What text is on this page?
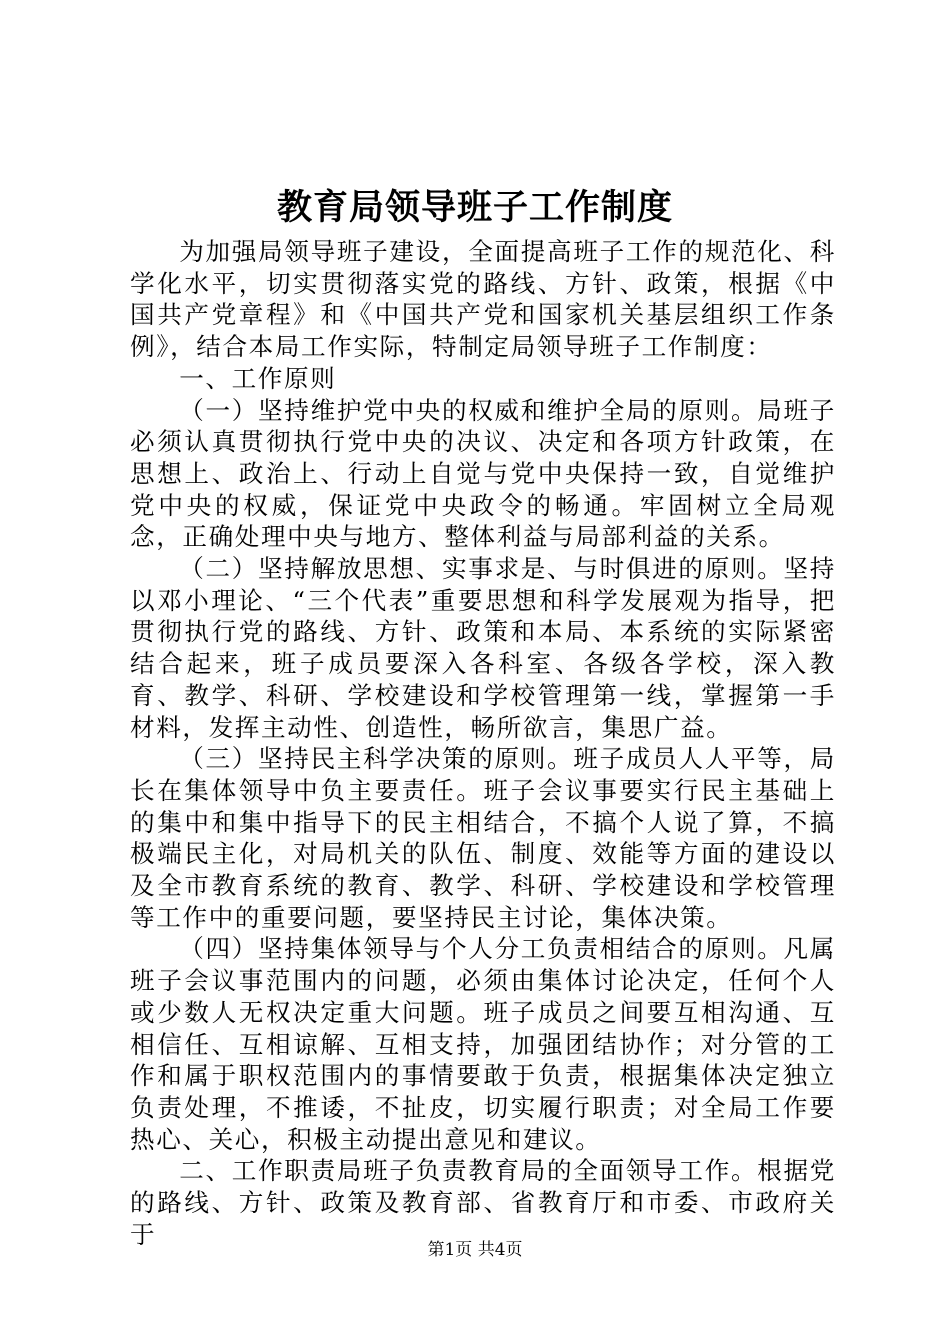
教育局领导班子工作制度

为加强局领导班子建设，全面提高班子工作的规范化、科学化水平，切实贯彻落实党的路线、方针、政策，根据《中国共产党章程》和《中国共产党和国家机关基层组织工作条例》，结合本局工作实际，特制定局领导班子工作制度：

一、工作原则

（一）坚持维护党中央的权威和维护全局的原则。局班子必须认真贯彻执行党中央的决议、决定和各项方针政策，在思想上、政治上、行动上自觉与党中央保持一致，自觉维护党中央的权威，保证党中央政令的畅通。牢固树立全局观念，正确处理中央与地方、整体利益与局部利益的关系。

（二）坚持解放思想、实事求是、与时俱进的原则。坚持以邓小理论、“三个代表”重要思想和科学发展观为指导，把贯彻执行党的路线、方针、政策和本局、本系统的实际紧密结合起来，班子成员要深入各科室、各级各学校，深入教育、教学、科研、学校建设和学校管理第一线，掌握第一手材料，发挥主动性、创造性，畅所欲言，集思广益。

（三）坚持民主科学决策的原则。班子成员人人平等，局长在集体领导中负主要责任。班子会议事要实行民主基础上的集中和集中指导下的民主相结合，不搞个人说了算，不搞极端民主化，对局机关的队伍、制度、效能等方面的建设以及全市教育系统的教育、教学、科研、学校建设和学校管理等工作中的重要问题，要坚持民主讨论，集体决策。

（四）坚持集体领导与个人分工负责相结合的原则。凡属班子会议事范围内的问题，必须由集体讨论决定，任何个人或少数人无权决定重大问题。班子成员之间要互相沟通、互相信任、互相谅解、互相支持，加强团结协作；对分管的工作和属于职权范围内的事情要敢于负责，根据集体决定独立负责处理，不推诿，不扯皮，切实履行职责；对全局工作要热心、关心，积极主动提出意见和建议。

二、工作职责局班子负责教育局的全面领导工作。根据党的路线、方针、政策及教育部、省教育厅和市委、市政府关于

第1页 共4页
